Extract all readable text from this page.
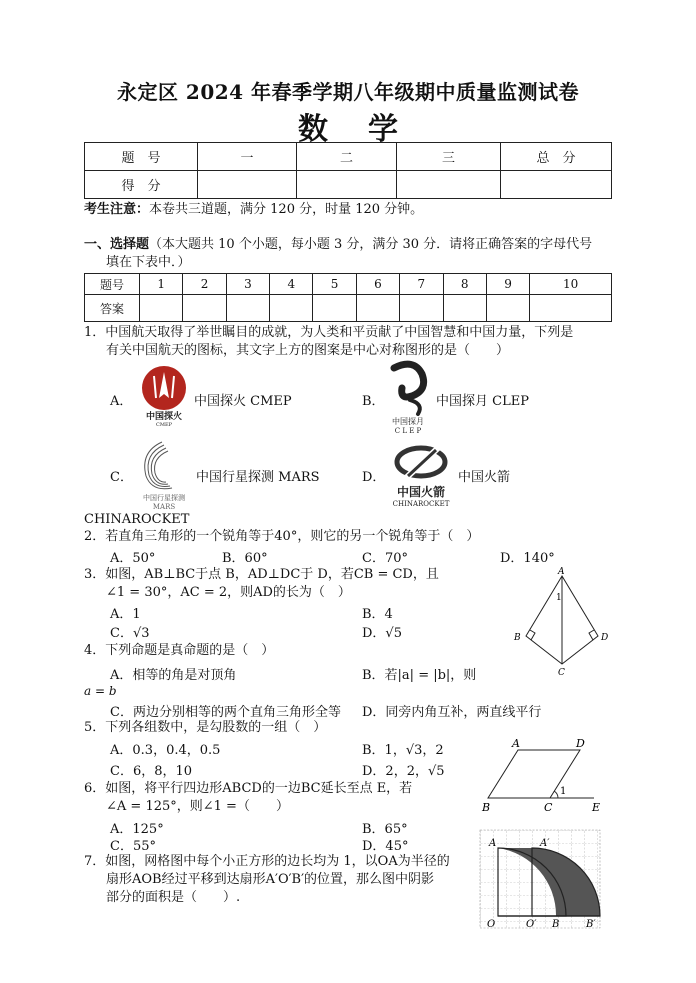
永定区 2024 年春季学期八年级期中质量监测试卷
数学
题　号	一	二	三	总　分
得　分				
考生注意：本卷共三道题，满分 120 分，时量 120 分钟。
一、选择题（本大题共 10 个小题，每小题 3 分，满分 30 分．请将正确答案的字母代号
填在下表中．）
题号	1	2	3	4	5	6	7	8	9	10
答案										
1．中国航天取得了举世瞩目的成就，为人类和平贡献了中国智慧和中国力量，下列是
有关中国航天的图标，其文字上方的图案是中心对称图形的是（　　）
A．
中国探火
CMEP
中国探火 CMEP	B．
中国探月
C L E P
中国探月 CLEP
C．
中国行星探测
MARS
中国行星探测 MARS	D．
中国火箭
CHINAROCKET
中国火箭
CHINAROCKET
2．若直角三角形的一个锐角等于40°，则它的另一个锐角等于（　）
A．50°	B．60°	C．70°	D．140°
3．如图，AB⊥BC于点 B，AD⊥DC于 D，若CB = CD，且
∠1 = 30°，AC = 2，则AD的长为（　）
A．1	B．4
C．√3	D．√5
A
B	D
C
1
4．下列命题是真命题的是（　）
A．相等的角是对顶角	B．若|a| = |b|，则
a = b
C．两边分别相等的两个直角三角形全等 D．同旁内角互补，两直线平行
5．下列各组数中，是勾股数的一组（　）
A．0.3，0.4，0.5	B．1，√3，2
C．6，8，10	D．2，2，√5
6．如图，将平行四边形ABCD的一边BC延长至点 E，若
∠A = 125°，则∠1 =（　　）
A．125°	B．65°
C．55°	D．45°
A	D
B	C	E
1
7．如图，网格图中每个小正方形的边长均为 1，以OA为半径的
扇形AOB经过平移到达扇形A′O′B′的位置，那么图中阴影
部分的面积是（　　）.
A	A′
O	O′ B	B′
